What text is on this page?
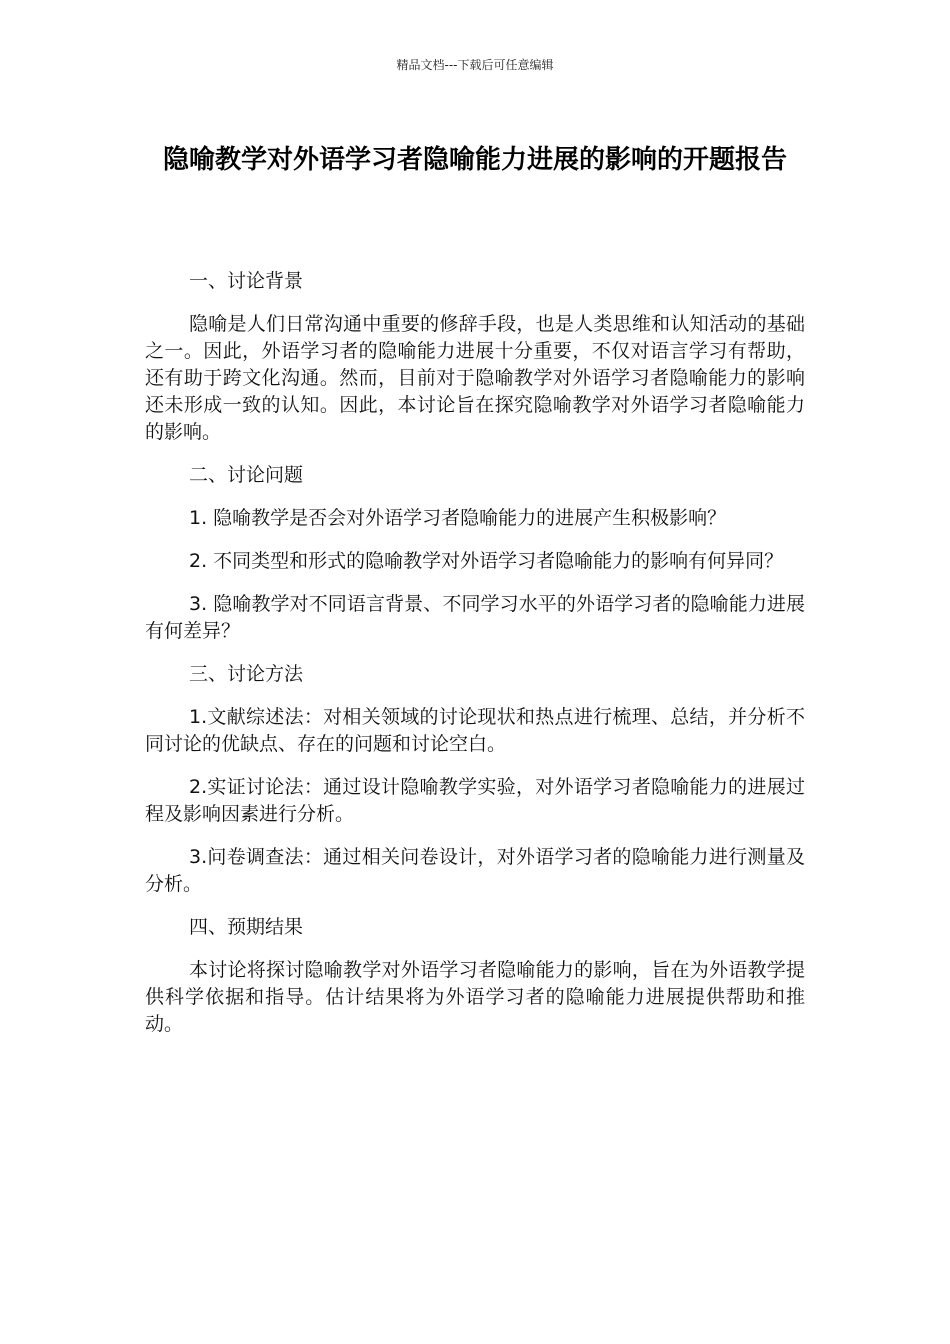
精品文档---下载后可任意编辑
隐喻教学对外语学习者隐喻能力进展的影响的开题报告

一、讨论背景

隐喻是人们日常沟通中重要的修辞手段，也是人类思维和认知活动的基础之一。因此，外语学习者的隐喻能力进展十分重要，不仅对语言学习有帮助，还有助于跨文化沟通。然而，目前对于隐喻教学对外语学习者隐喻能力的影响还未形成一致的认知。因此，本讨论旨在探究隐喻教学对外语学习者隐喻能力的影响。

二、讨论问题

1. 隐喻教学是否会对外语学习者隐喻能力的进展产生积极影响？

2. 不同类型和形式的隐喻教学对外语学习者隐喻能力的影响有何异同？

3. 隐喻教学对不同语言背景、不同学习水平的外语学习者的隐喻能力进展有何差异？

三、讨论方法

1.文献综述法：对相关领域的讨论现状和热点进行梳理、总结，并分析不同讨论的优缺点、存在的问题和讨论空白。

2.实证讨论法：通过设计隐喻教学实验，对外语学习者隐喻能力的进展过程及影响因素进行分析。

3.问卷调查法：通过相关问卷设计，对外语学习者的隐喻能力进行测量及分析。

四、预期结果

本讨论将探讨隐喻教学对外语学习者隐喻能力的影响，旨在为外语教学提供科学依据和指导。估计结果将为外语学习者的隐喻能力进展提供帮助和推动。
